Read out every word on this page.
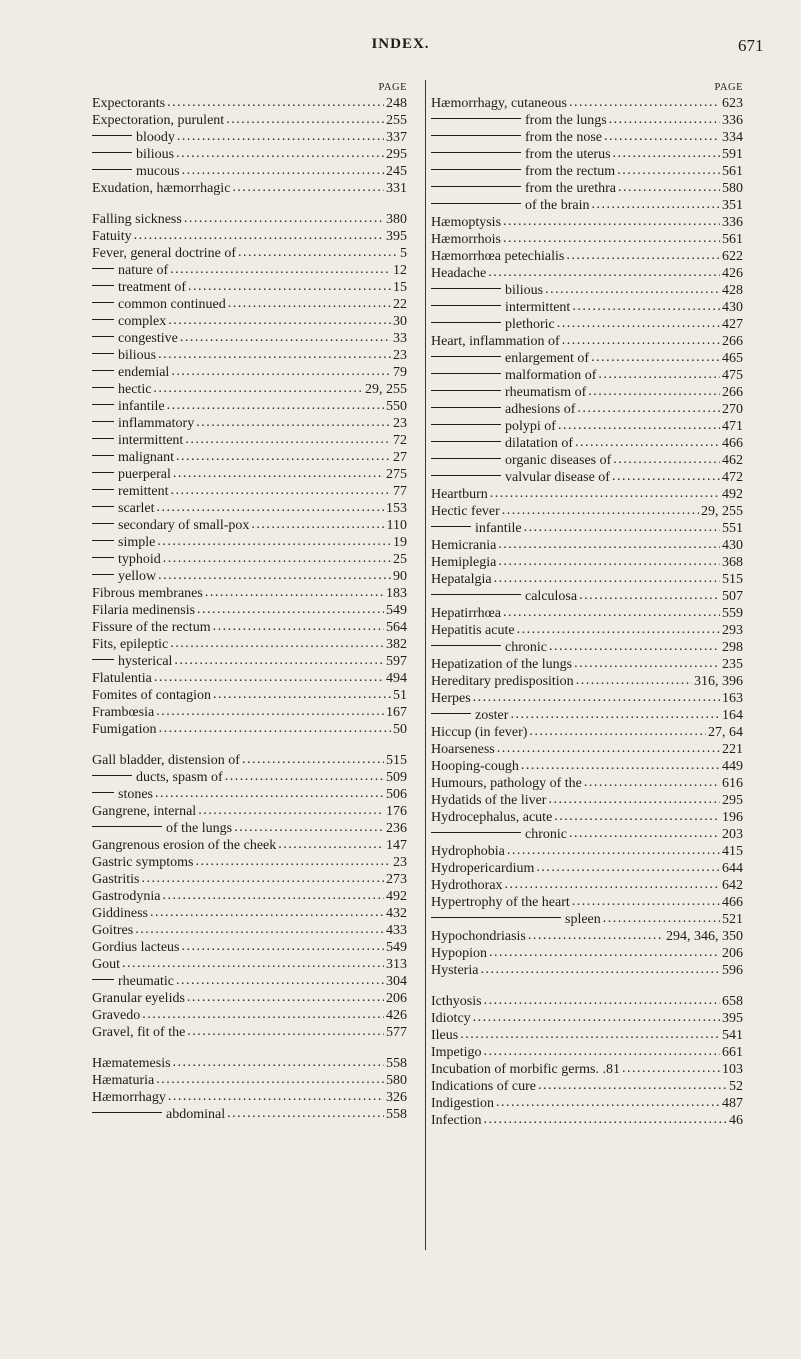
INDEX.	671
PAGE
Expectorants . . .	248
Expectoration, purulent . . .	255
bloody . . .	337
bilious . . .	295
mucous . . .	245
Exudation, hæmorrhagic . . .	331
Falling sickness . . .	380
Fatuity . . .	395
Fever, general doctrine of . . .	5
nature of . . .	12
treatment of . . .	15
common continued . . .	22
complex . . .	30
congestive . . .	33
bilious . . .	23
endemial . . .	79
hectic . . .	29, 255
infantile . . .	550
inflammatory . . .	23
intermittent . . .	72
malignant . . .	27
puerperal . . .	275
remittent . . .	77
scarlet . . .	153
secondary of small-pox . . .	110
simple . . .	19
typhoid . . .	25
yellow . . .	90
Fibrous membranes . . .	183
Filaria medinensis . . .	549
Fissure of the rectum . . .	564
Fits, epileptic . . .	382
hysterical . . .	597
Flatulentia . . .	494
Fomites of contagion . . .	51
Frambœsia . . .	167
Fumigation . . .	50
Gall bladder, distension of . . .	515
ducts, spasm of . . .	509
stones . . .	506
Gangrene, internal . . .	176
of the lungs . . .	236
Gangrenous erosion of the cheek . . .	147
Gastric symptoms . . .	23
Gastritis . . .	273
Gastrodynia . . .	492
Giddiness . . .	432
Goitres . . .	433
Gordius lacteus . . .	549
Gout . . .	313
rheumatic . . .	304
Granular eyelids . . .	206
Gravedo . . .	426
Gravel, fit of the . . .	577
Hæmatemesis . . .	558
Hæmaturia . . .	580
Hæmorrhagy . . .	326
abdominal . . .	558
PAGE
Hæmorrhagy, cutaneous . . .	623
from the lungs . . .	336
from the nose . . .	334
from the uterus . . .	591
from the rectum . . .	561
from the urethra . . .	580
of the brain . . .	351
Hæmoptysis . . .	336
Hæmorrhois . . .	561
Hæmorrhœa petechialis . . .	622
Headache . . .	426
bilious . . .	428
intermittent . . .	430
plethoric . . .	427
Heart, inflammation of . . .	266
enlargement of . . .	465
malformation of . . .	475
rheumatism of . . .	266
adhesions of . . .	270
polypi of . . .	471
dilatation of . . .	466
organic diseases of . . .	462
valvular disease of . . .	472
Heartburn . . .	492
Hectic fever . . .	29, 255
infantile . . .	551
Hemicrania . . .	430
Hemiplegia . . .	368
Hepatalgia . . .	515
calculosa . . .	507
Hepatirrhœa . . .	559
Hepatitis acute . . .	293
chronic . . .	298
Hepatization of the lungs . . .	235
Hereditary predisposition . . .	316, 396
Herpes . . .	163
zoster . . .	164
Hiccup (in fever) . . .	27, 64
Hoarseness . . .	221
Hooping-cough . . .	449
Humours, pathology of the . . .	616
Hydatids of the liver . . .	295
Hydrocephalus, acute . . .	196
chronic . . .	203
Hydrophobia . . .	415
Hydropericardium . . .	644
Hydrothorax . . .	642
Hypertrophy of the heart . . .	466
spleen . . .	521
Hypochondriasis . . .	294, 346, 350
Hypopion . . .	206
Hysteria . . .	596
Icthyosis . . .	658
Idiotcy . . .	395
Ileus . . .	541
Impetigo . . .	661
Incubation of morbific germs. .81 . . .	103
Indications of cure . . .	52
Indigestion . . .	487
Infection . . .	46
